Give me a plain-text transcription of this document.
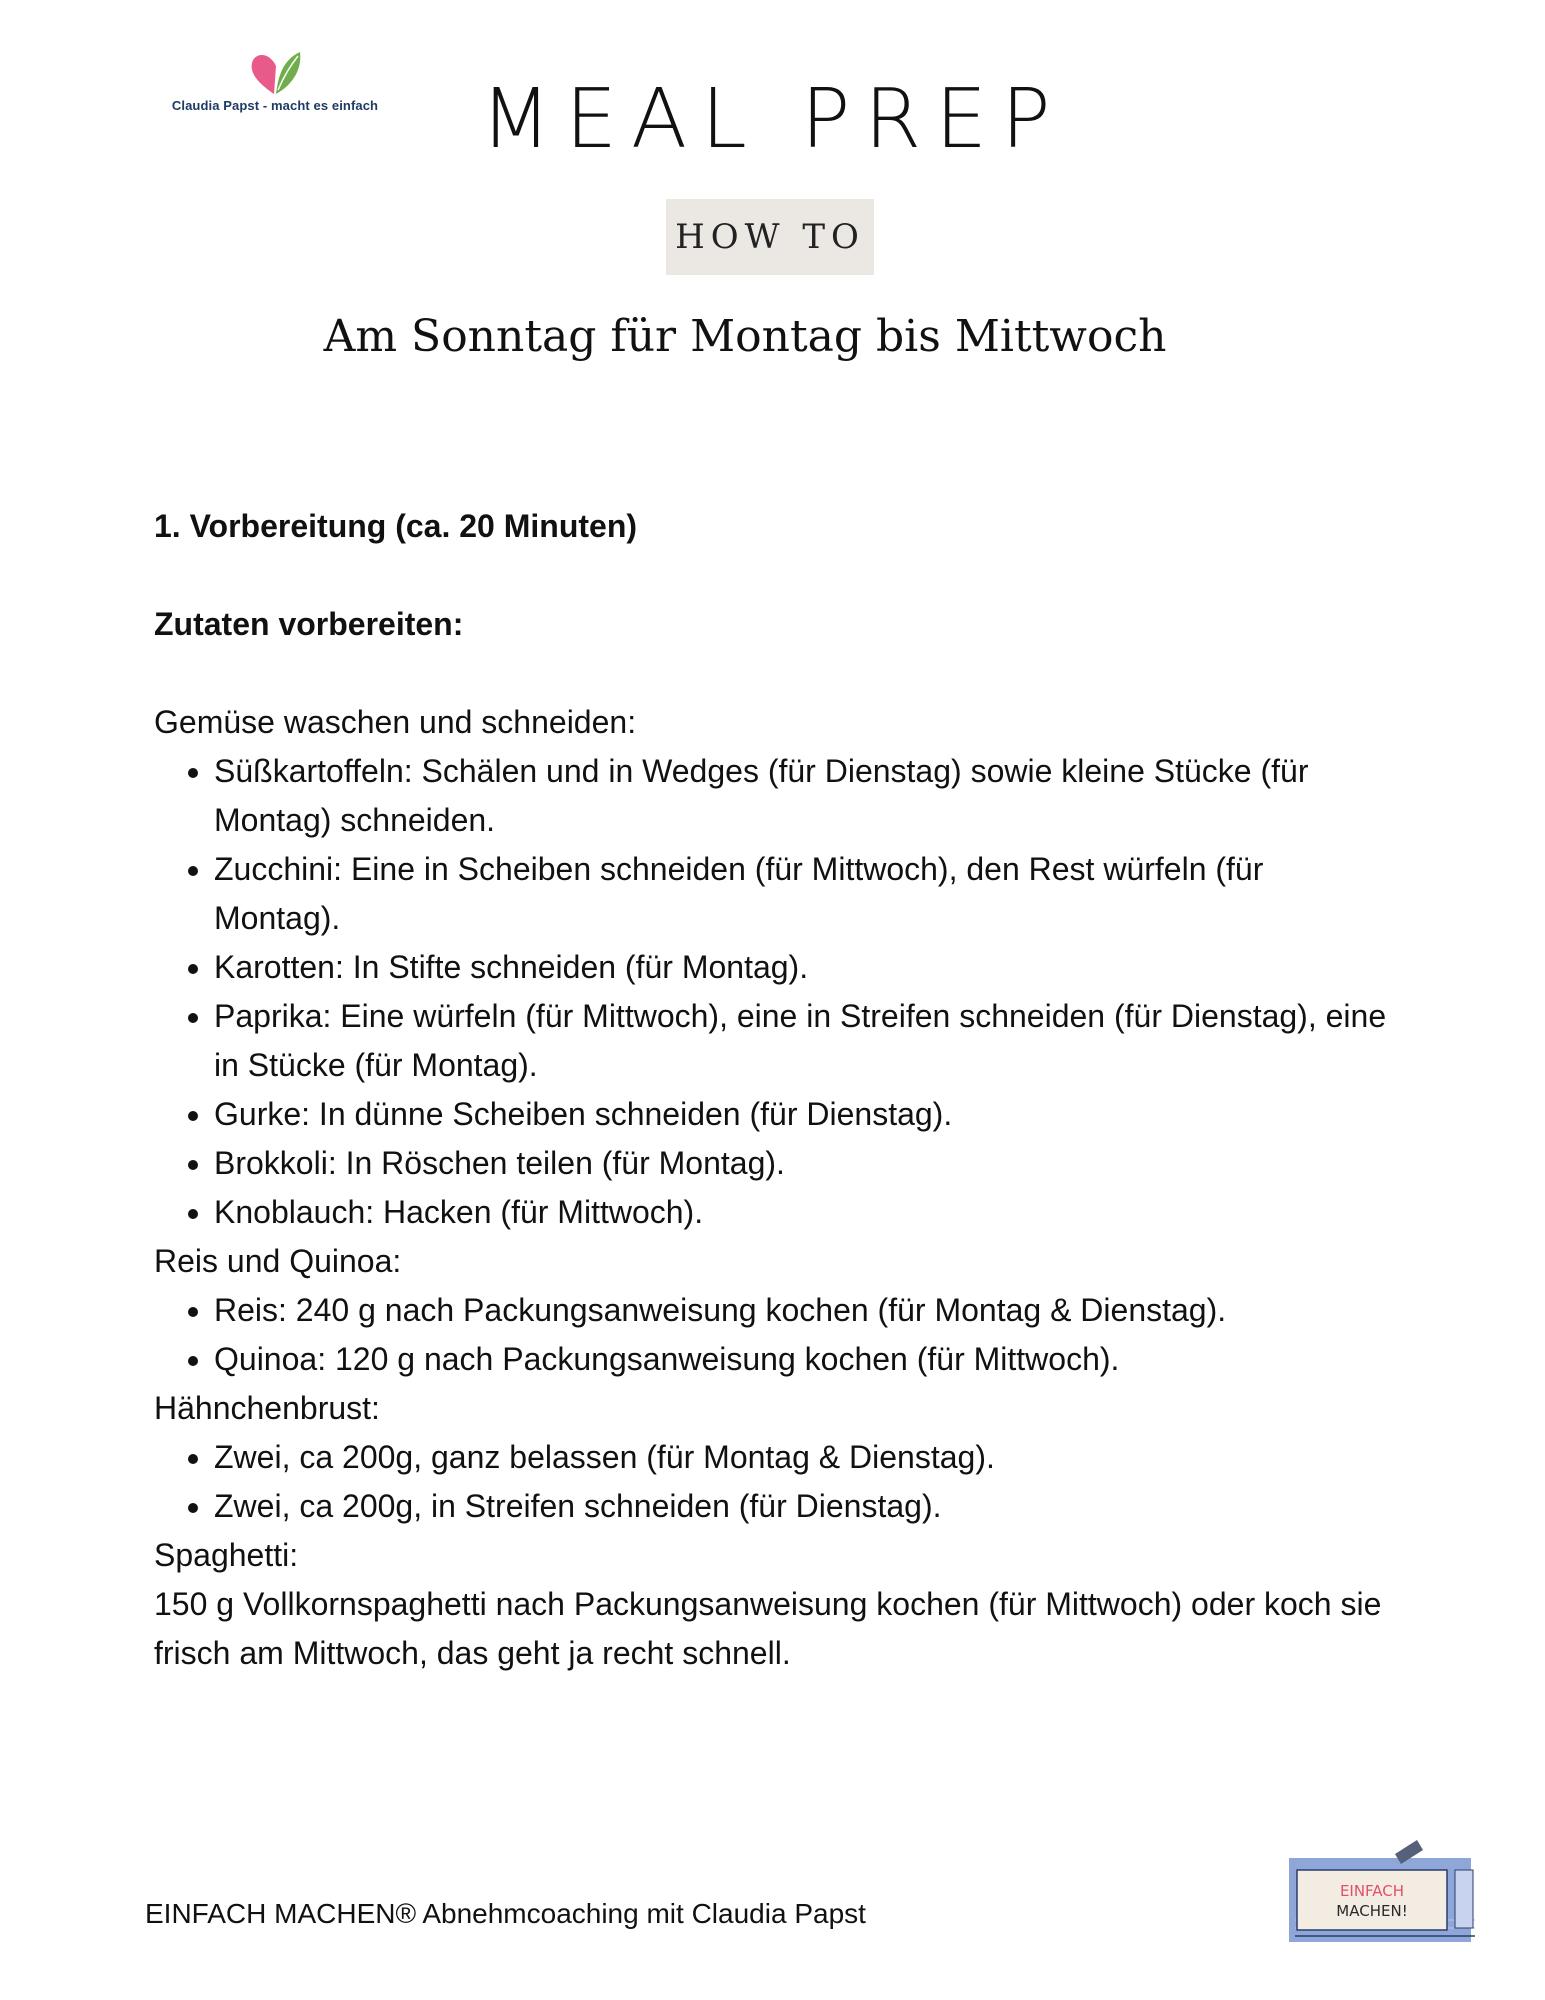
Claudia Papst - macht es einfach	MEAL PREP
HOW TO
Am Sonntag für Montag bis Mittwoch
1. Vorbereitung (ca. 20 Minuten)
Zutaten vorbereiten:
Gemüse waschen und schneiden:
• Süßkartoffeln: Schälen und in Wedges (für Dienstag) sowie kleine Stücke (für Montag) schneiden.
• Zucchini: Eine in Scheiben schneiden (für Mittwoch), den Rest würfeln (für Montag).
• Karotten: In Stifte schneiden (für Montag).
• Paprika: Eine würfeln (für Mittwoch), eine in Streifen schneiden (für Dienstag), eine in Stücke (für Montag).
• Gurke: In dünne Scheiben schneiden (für Dienstag).
• Brokkoli: In Röschen teilen (für Montag).
• Knoblauch: Hacken (für Mittwoch).
Reis und Quinoa:
• Reis: 240 g nach Packungsanweisung kochen (für Montag & Dienstag).
• Quinoa: 120 g nach Packungsanweisung kochen (für Mittwoch).
Hähnchenbrust:
• Zwei, ca 200g, ganz belassen (für Montag & Dienstag).
• Zwei, ca 200g, in Streifen schneiden (für Dienstag).
Spaghetti:
150 g Vollkornspaghetti nach Packungsanweisung kochen (für Mittwoch) oder koch sie frisch am Mittwoch, das geht ja recht schnell.
EINFACH MACHEN® Abnehmcoaching mit Claudia Papst
EINFACH
MACHEN!
